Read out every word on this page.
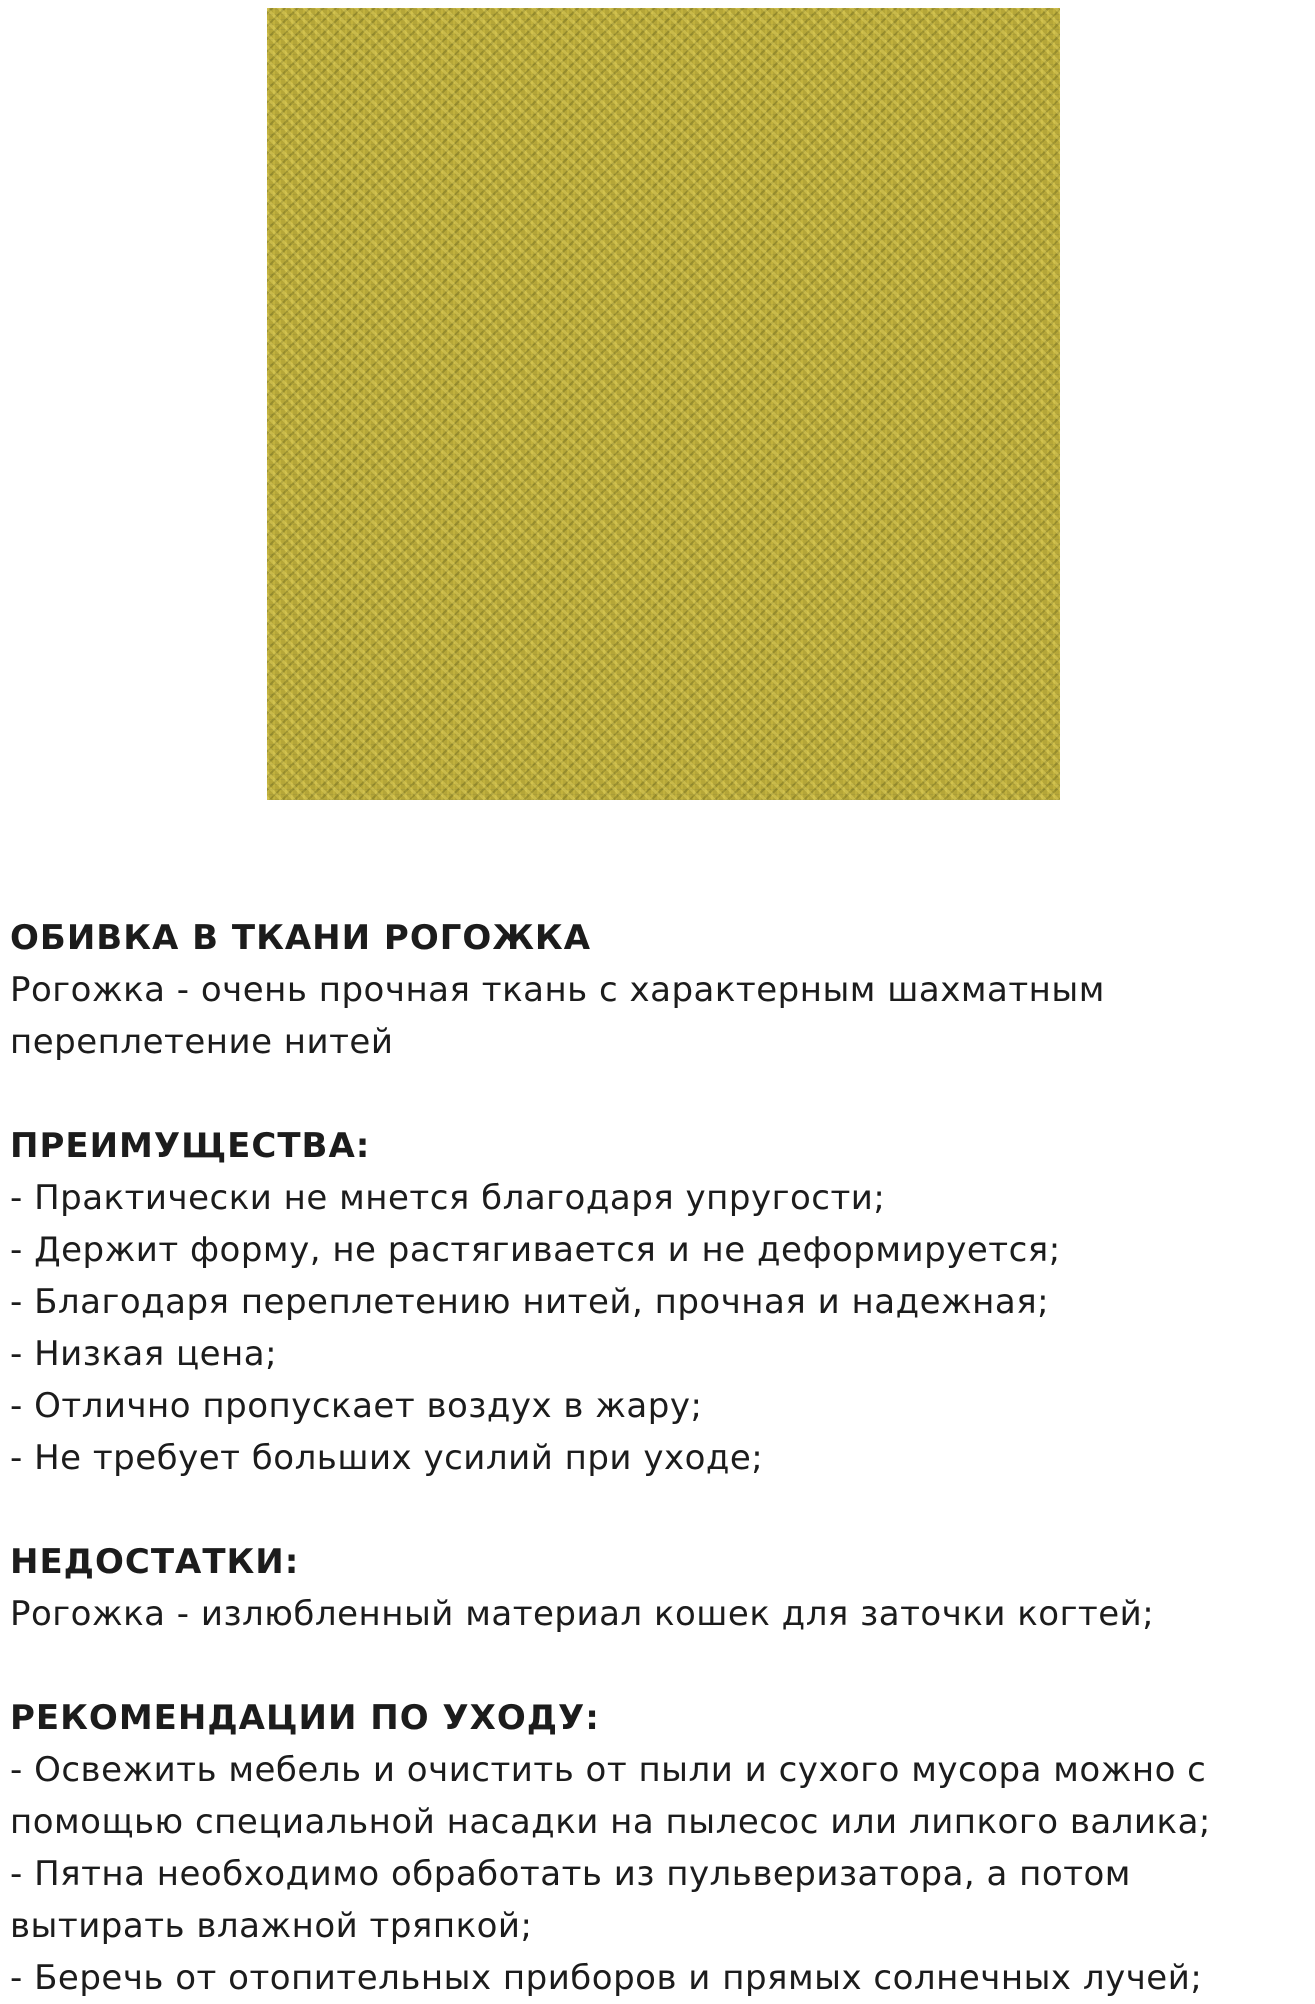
ОБИВКА В ТКАНИ РОГОЖКА

Рогожка - очень прочная ткань с характерным шахматным

переплетение нитей

ПРЕИМУЩЕСТВА:

- Практически не мнется благодаря упругости;

- Держит форму, не растягивается и не деформируется;

- Благодаря переплетению нитей, прочная и надежная;

- Низкая цена;

- Отлично пропускает воздух в жару;

- Не требует больших усилий при уходе;

НЕДОСТАТКИ:

Рогожка - излюбленный материал кошек для заточки когтей;

РЕКОМЕНДАЦИИ ПО УХОДУ:

- Освежить мебель и очистить от пыли и сухого мусора можно с

помощью специальной насадки на пылесос или липкого валика;

- Пятна необходимо обработать из пульверизатора, а потом

вытирать влажной тряпкой;

- Беречь от отопительных приборов и прямых солнечных лучей;
